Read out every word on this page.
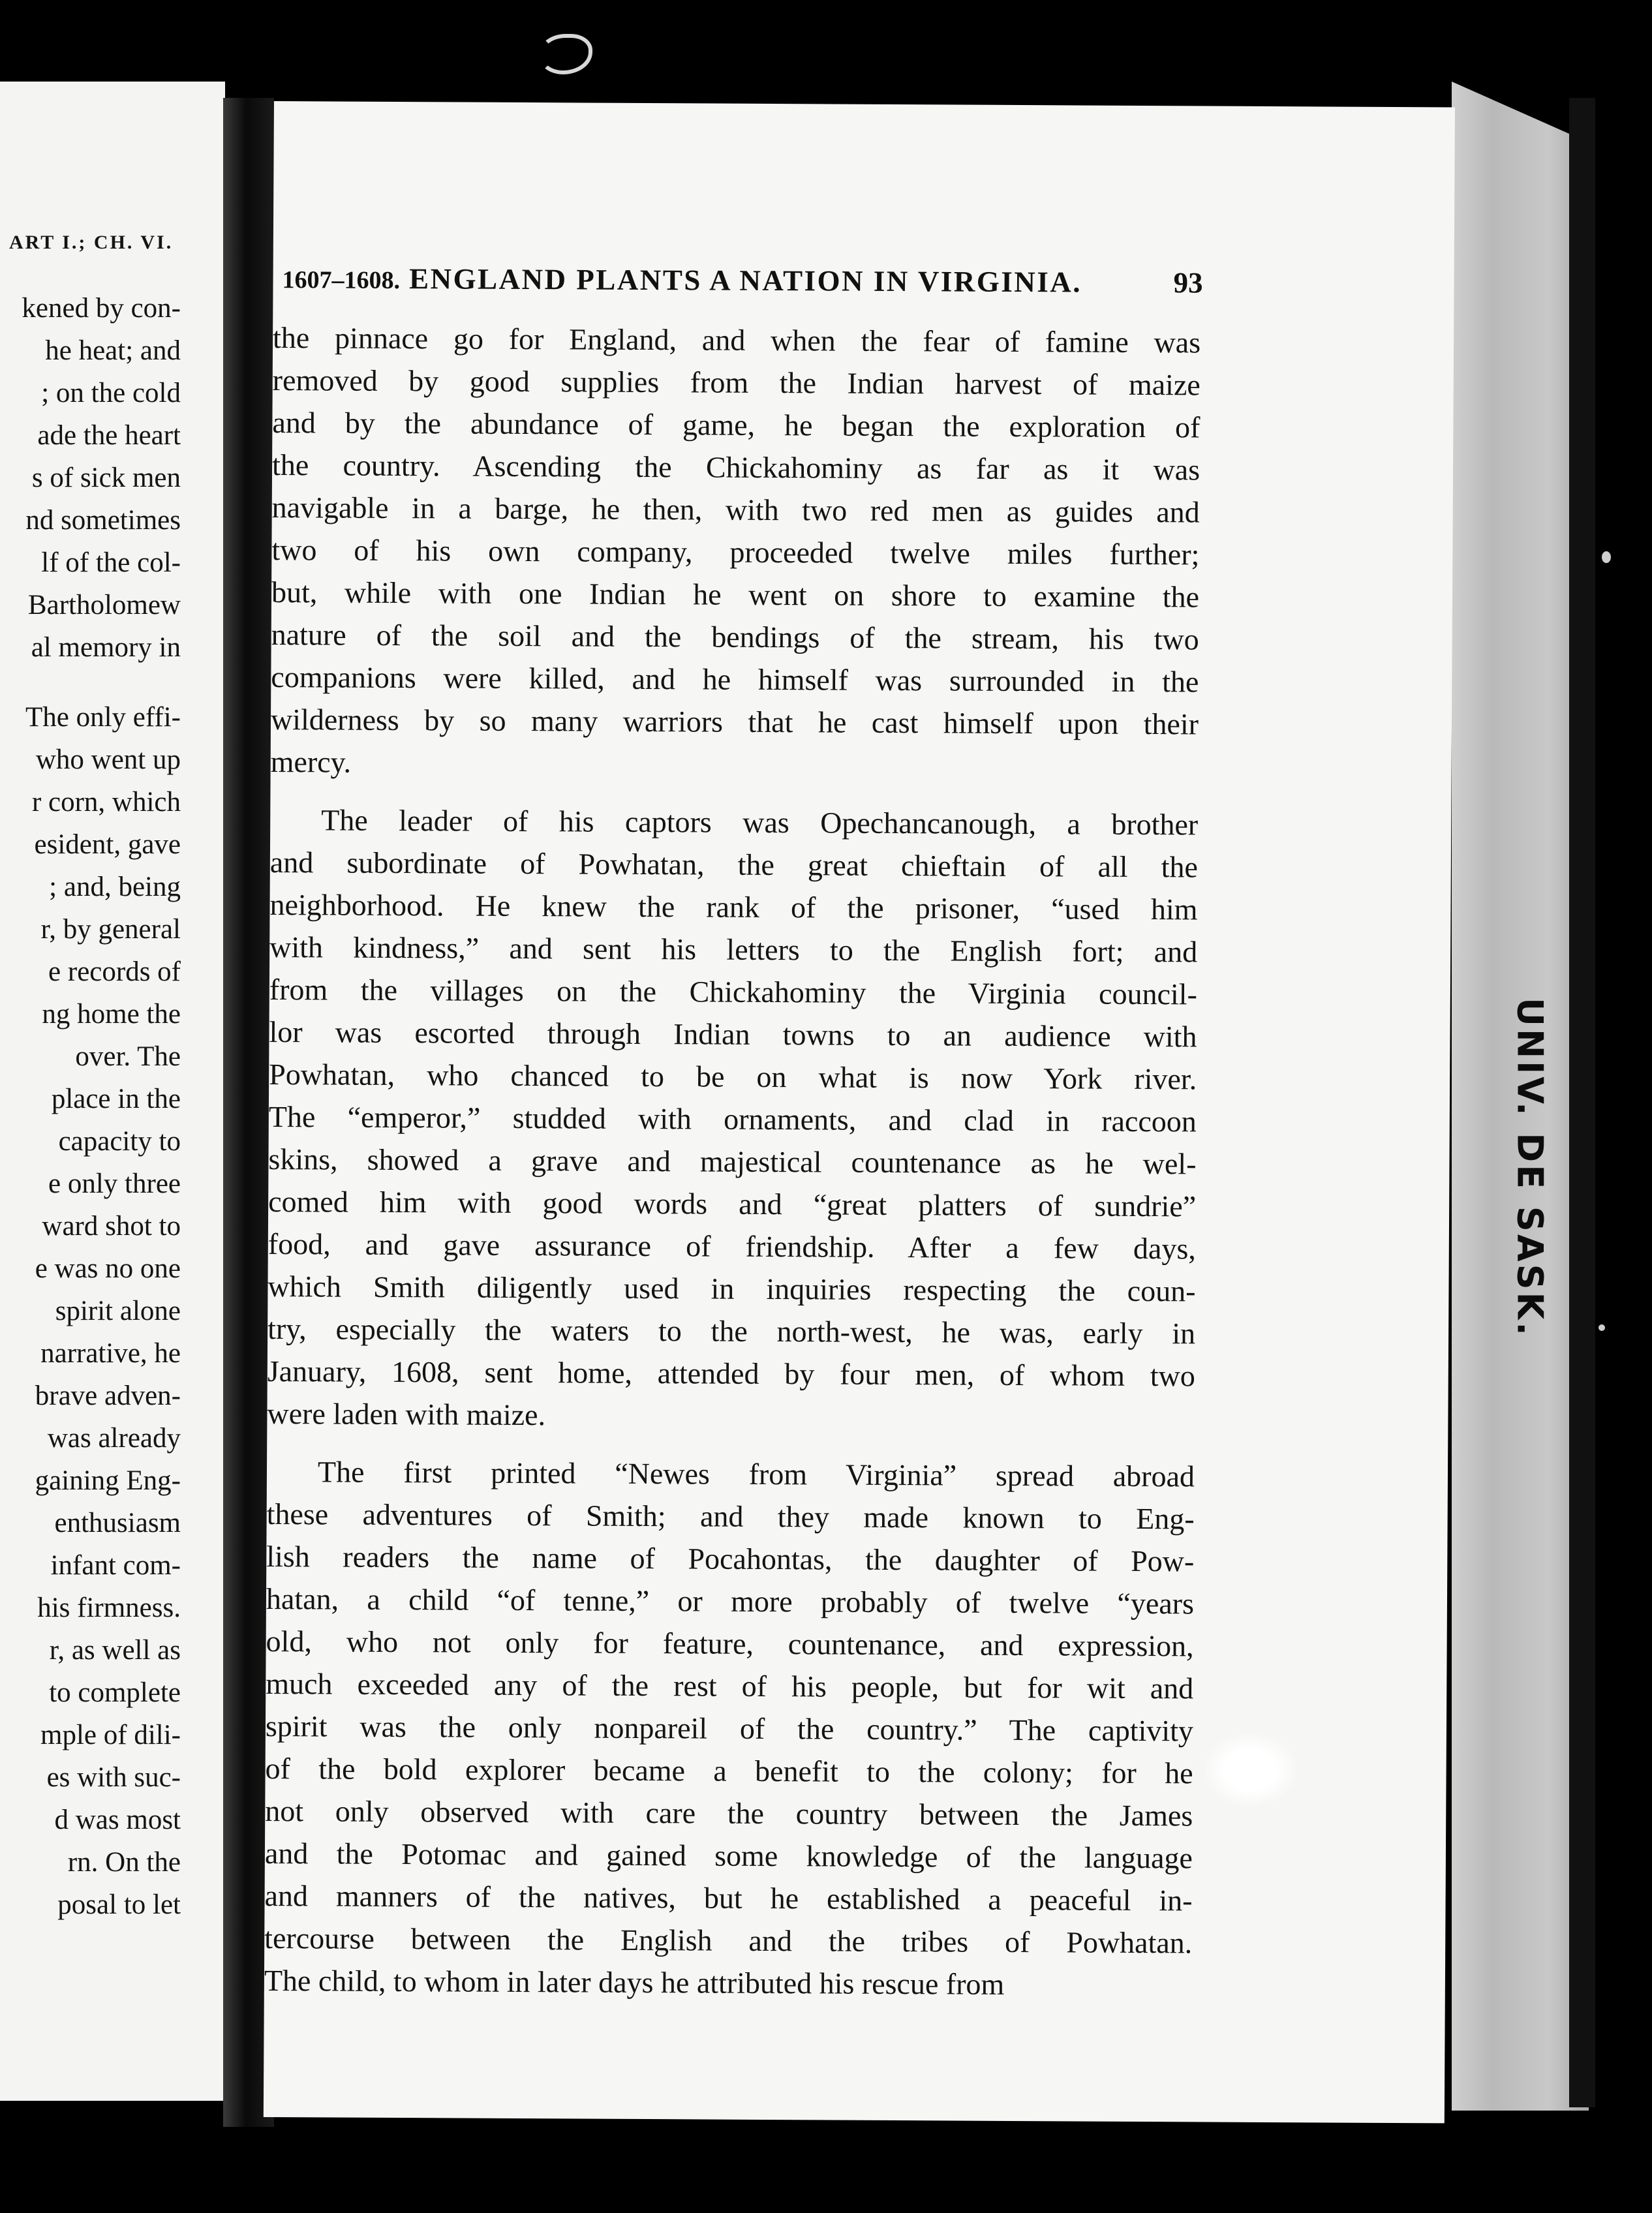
ART I.; CH. VI.
kened by con-
he heat; and
; on the cold
ade the heart
s of sick men
nd sometimes
lf of the col-
Bartholomew
al memory in
The only effi-
who went up
r corn, which
esident, gave
; and, being
r, by general
e records of
ng home the
over. The
place in the
capacity to
e only three
ward shot to
e was no one
spirit alone
narrative, he
brave adven-
was already
gaining Eng-
enthusiasm
infant com-
his firmness.
r, as well as
to complete
mple of dili-
es with suc-
d was most
rn. On the
posal to let
UNIV. DE SASK.
1607–1608. ENGLAND PLANTS A NATION IN VIRGINIA.	93
the pinnace go for England, and when the fear of famine was
removed by good supplies from the Indian harvest of maize
and by the abundance of game, he began the exploration of
the country. Ascending the Chickahominy as far as it was
navigable in a barge, he then, with two red men as guides and
two of his own company, proceeded twelve miles further;
but, while with one Indian he went on shore to examine the
nature of the soil and the bendings of the stream, his two
companions were killed, and he himself was surrounded in the
wilderness by so many warriors that he cast himself upon their
mercy.
The leader of his captors was Opechancanough, a brother
and subordinate of Powhatan, the great chieftain of all the
neighborhood. He knew the rank of the prisoner, “used him
with kindness,” and sent his letters to the English fort; and
from the villages on the Chickahominy the Virginia council-
lor was escorted through Indian towns to an audience with
Powhatan, who chanced to be on what is now York river.
The “emperor,” studded with ornaments, and clad in raccoon
skins, showed a grave and majestical countenance as he wel-
comed him with good words and “great platters of sundrie”
food, and gave assurance of friendship. After a few days,
which Smith diligently used in inquiries respecting the coun-
try, especially the waters to the north-west, he was, early in
January, 1608, sent home, attended by four men, of whom two
were laden with maize.
The first printed “Newes from Virginia” spread abroad
these adventures of Smith; and they made known to Eng-
lish readers the name of Pocahontas, the daughter of Pow-
hatan, a child “of tenne,” or more probably of twelve “years
old, who not only for feature, countenance, and expression,
much exceeded any of the rest of his people, but for wit and
spirit was the only nonpareil of the country.” The captivity
of the bold explorer became a benefit to the colony; for he
not only observed with care the country between the James
and the Potomac and gained some knowledge of the language
and manners of the natives, but he established a peaceful in-
tercourse between the English and the tribes of Powhatan.
The child, to whom in later days he attributed his rescue from
